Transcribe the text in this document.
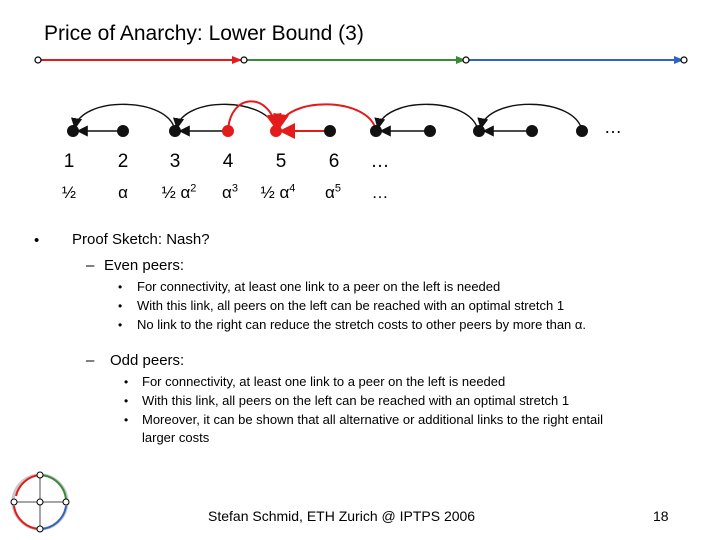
Price of Anarchy: Lower Bound (3)
…
1	2	3	4	5	6	…
½	α	½ $\alpha^2$	$\alpha^3$	½ $\alpha^4$	$\alpha^5$	…
• Proof Sketch: Nash?
– Even peers:
• For connectivity, at least one link to a peer on the left is needed
• With this link, all peers on the left can be reached with an optimal stretch 1
• No link to the right can reduce the stretch costs to other peers by more than α.
– Odd peers:
• For connectivity, at least one link to a peer on the left is needed
• With this link, all peers on the left can be reached with an optimal stretch 1
• Moreover, it can be shown that all alternative or additional links to the right entail
larger costs
Stefan Schmid, ETH Zurich @ IPTPS 2006	18
